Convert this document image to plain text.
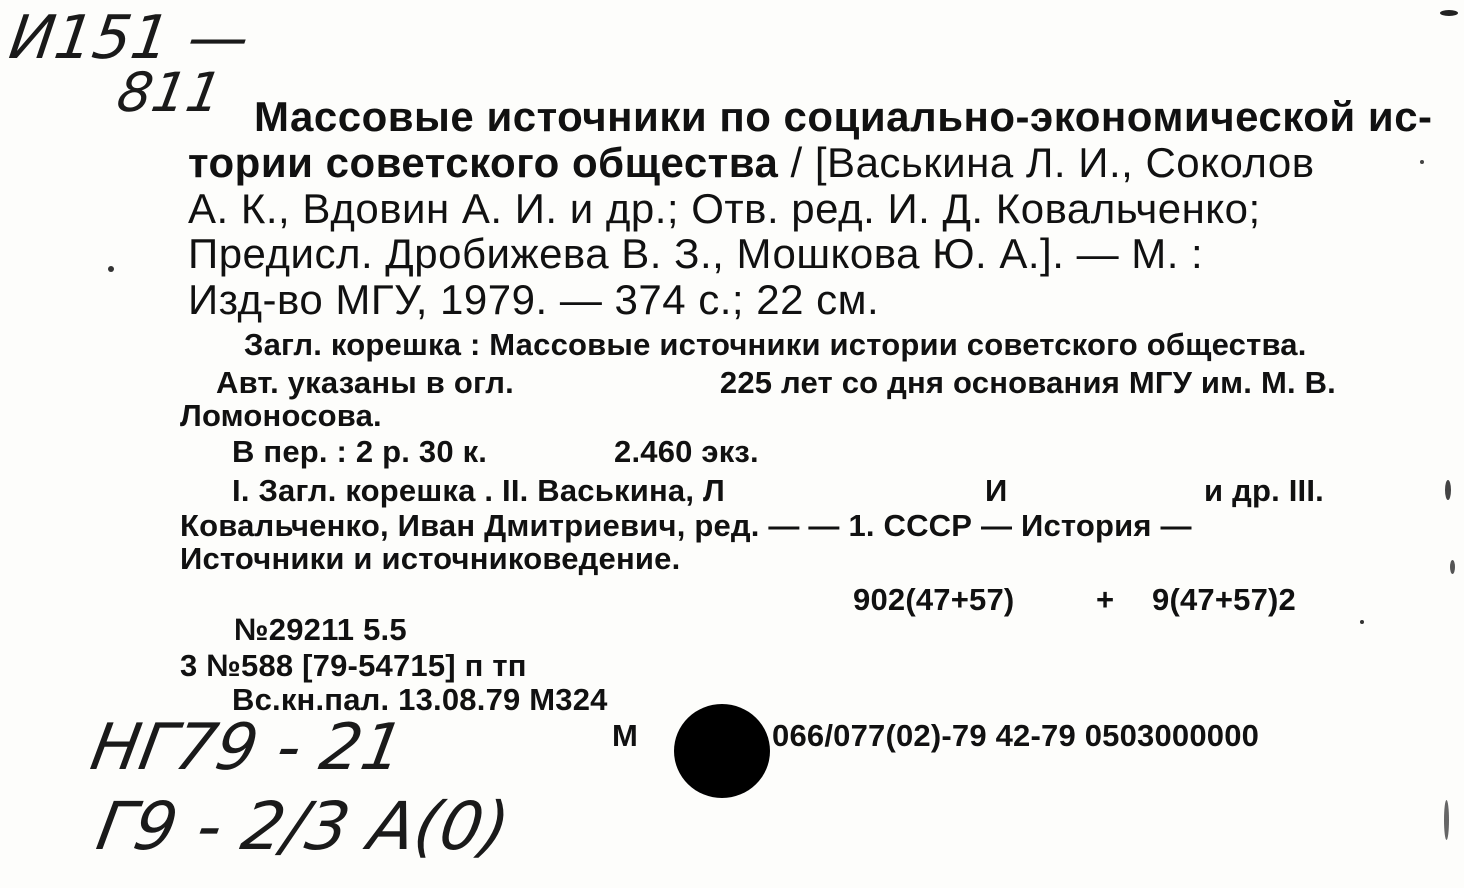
И151 —
811 Массовые источники по социально-экономической ис-
тории советского общества / [Васькина Л. И., Соколов
А. К., Вдовин А. И. и др.; Отв. ред. И. Д. Ковальченко;
Предисл. Дробижева В. З., Мошкова Ю. А.]. — М. :
Изд-во МГУ, 1979. — 374 с.; 22 см.
Загл. корешка : Массовые источники истории советского общества.
Авт. указаны в огл.	225 лет со дня основания МГУ им. М. В.
Ломоносова.
В пер. : 2 р. 30 к.	2.460 экз.
I. Загл. корешка . II. Васькина, Л	И	и др. III.
Ковальченко, Иван Дмитриевич, ред. — — 1. СССР — История —
Источники и источниковедение.
902(47+57)	+ 9(47+57)2
№29211 5.5
3 №588 [79-54715] п тп
Вс.кн.пал. 13.08.79 М324
М	066/077(02)-79 42-79 0503000000
НГ79 - 21
Г9 - 2/3 А(0)
